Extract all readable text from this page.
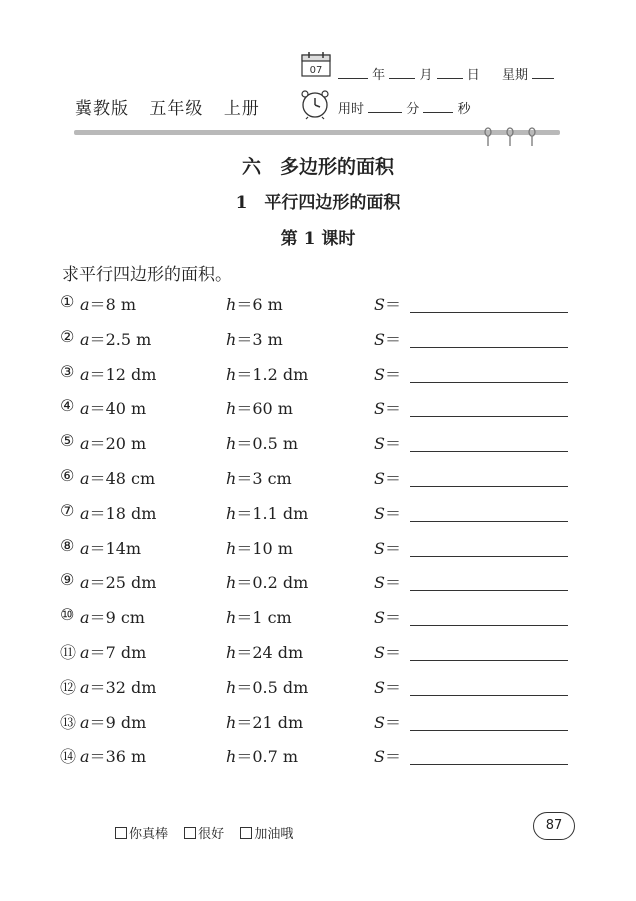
冀教版 五年级 上册
07	年	月	日 星期
用时	分	秒
六　多边形的面积
1　平行四边形的面积
第 1 课时
求平行四边形的面积。
① a＝8 m	h＝6 m	S＝
② a＝2.5 m	h＝3 m	S＝
③ a＝12 dm	h＝1.2 dm	S＝
④ a＝40 m	h＝60 m	S＝
⑤ a＝20 m	h＝0.5 m	S＝
⑥ a＝48 cm	h＝3 cm	S＝
⑦ a＝18 dm	h＝1.1 dm	S＝
⑧ a＝14m	h＝10 m	S＝
⑨ a＝25 dm	h＝0.2 dm	S＝
⑩ a＝9 cm	h＝1 cm	S＝
⑪ a＝7 dm	h＝24 dm	S＝
⑫ a＝32 dm	h＝0.5 dm	S＝
⑬ a＝9 dm	h＝21 dm	S＝
⑭ a＝36 m	h＝0.7 m	S＝
你真棒 很好 加油哦
87
